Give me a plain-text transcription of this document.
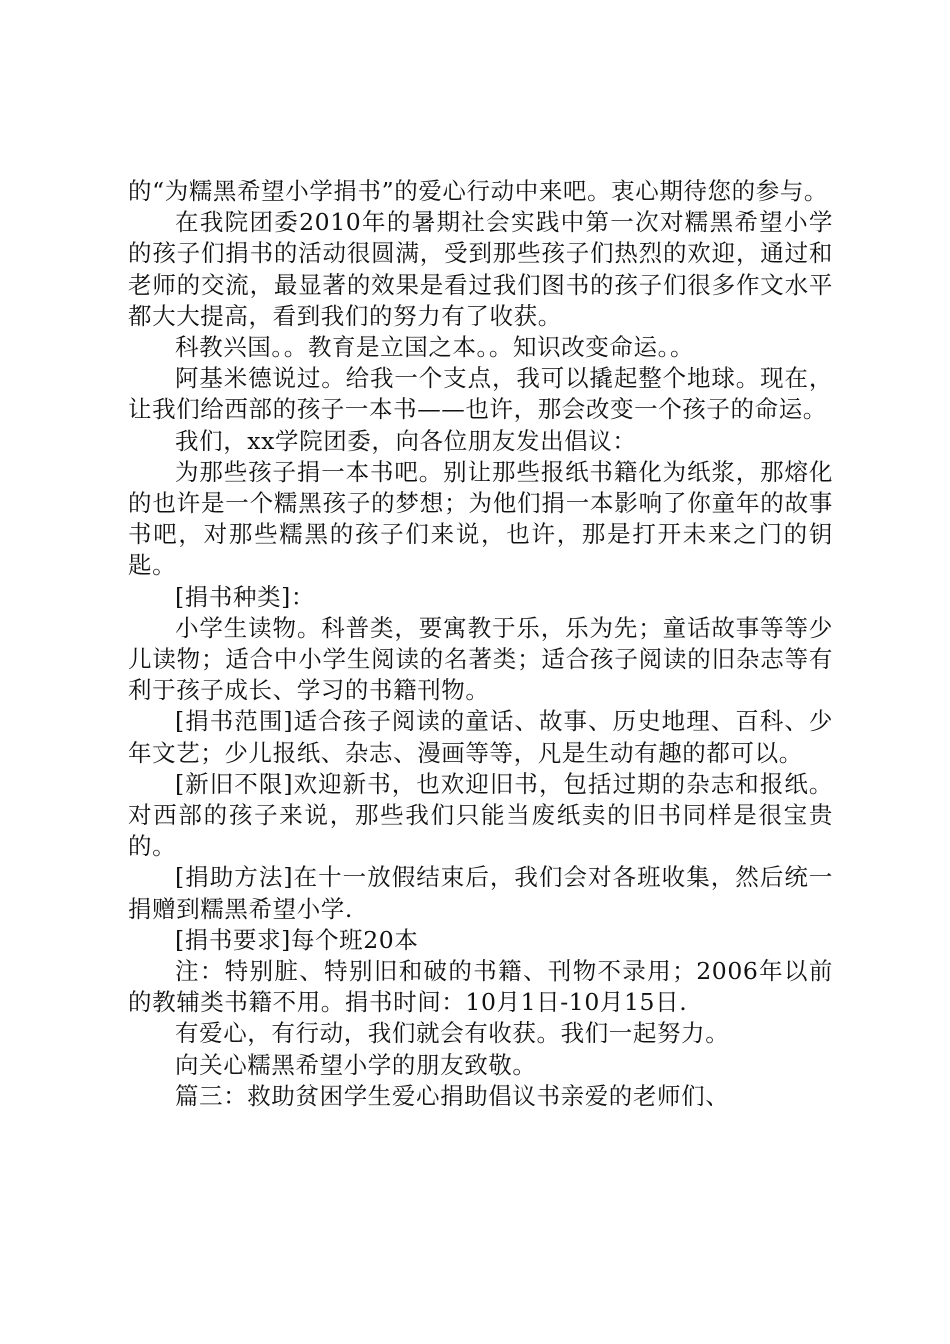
的“为糯黑希望小学捐书”的爱心行动中来吧。衷心期待您的参与。

在我院团委2010年的暑期社会实践中第一次对糯黑希望小学的孩子们捐书的活动很圆满，受到那些孩子们热烈的欢迎，通过和老师的交流，最显著的效果是看过我们图书的孩子们很多作文水平都大大提高，看到我们的努力有了收获。

科教兴国。。教育是立国之本。。知识改变命运。。

阿基米德说过。给我一个支点，我可以撬起整个地球。现在，让我们给西部的孩子一本书——也许，那会改变一个孩子的命运。

我们，xx学院团委，向各位朋友发出倡议：

为那些孩子捐一本书吧。别让那些报纸书籍化为纸浆，那熔化的也许是一个糯黑孩子的梦想；为他们捐一本影响了你童年的故事书吧，对那些糯黑的孩子们来说，也许，那是打开未来之门的钥匙。

[捐书种类]：

小学生读物。科普类，要寓教于乐，乐为先；童话故事等等少儿读物；适合中小学生阅读的名著类；适合孩子阅读的旧杂志等有利于孩子成长、学习的书籍刊物。

[捐书范围]适合孩子阅读的童话、故事、历史地理、百科、少年文艺；少儿报纸、杂志、漫画等等，凡是生动有趣的都可以。

[新旧不限]欢迎新书，也欢迎旧书，包括过期的杂志和报纸。对西部的孩子来说，那些我们只能当废纸卖的旧书同样是很宝贵的。

[捐助方法]在十一放假结束后，我们会对各班收集，然后统一捐赠到糯黑希望小学.

[捐书要求]每个班20本

注：特别脏、特别旧和破的书籍、刊物不录用；2006年以前的教辅类书籍不用。捐书时间：10月1日-10月15日.

有爱心，有行动，我们就会有收获。我们一起努力。

向关心糯黑希望小学的朋友致敬。

篇三：救助贫困学生爱心捐助倡议书亲爱的老师们、
